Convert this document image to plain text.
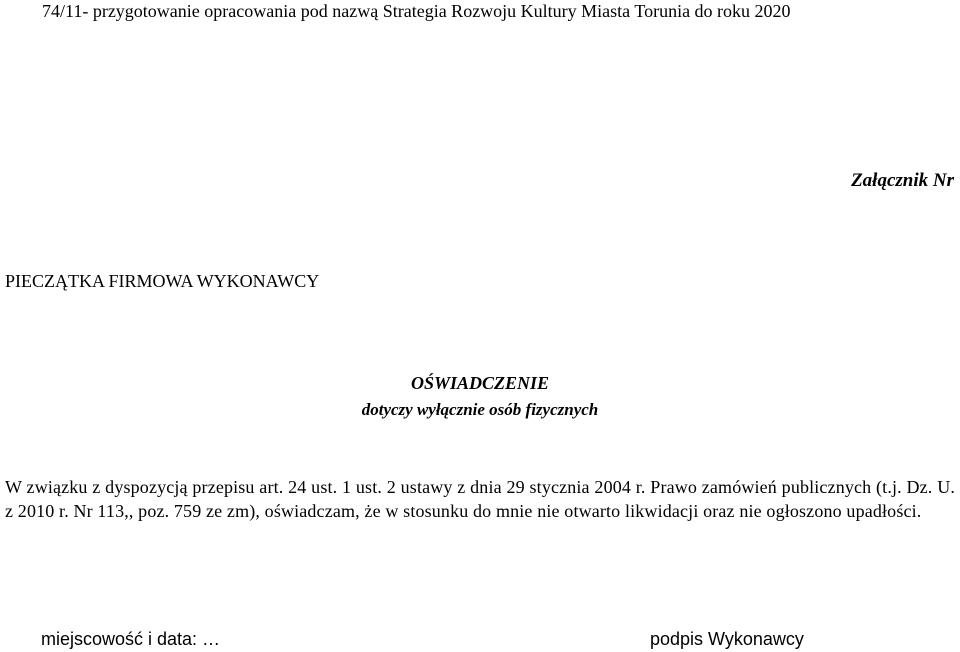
74/11- przygotowanie opracowania pod nazwą Strategia Rozwoju Kultury Miasta Torunia do roku 2020
Załącznik Nr
PIECZĄTKA FIRMOWA WYKONAWCY
OŚWIADCZENIE
dotyczy wyłącznie osób fizycznych
W związku z dyspozycją przepisu art. 24 ust. 1 ust. 2 ustawy z dnia 29 stycznia 2004 r. Prawo zamówień publicznych (t.j. Dz. U. z 2010 r. Nr 113,, poz. 759 ze zm), oświadczam, że w stosunku do mnie nie otwarto likwidacji oraz nie ogłoszono upadłości.
miejscowość i data: …	podpis Wykonawcy
